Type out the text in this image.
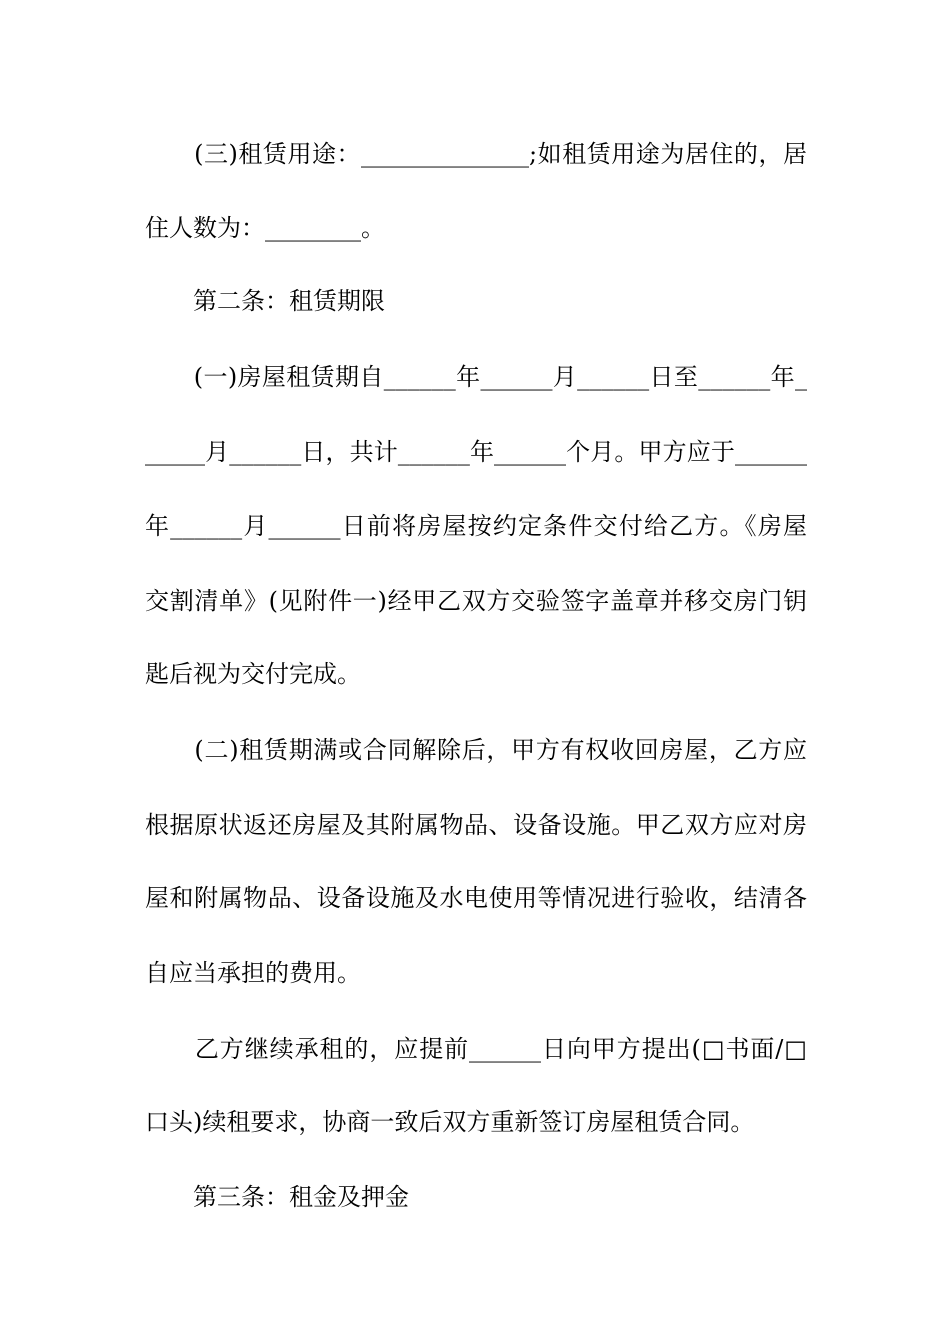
　　(三)租赁用途：______________;如租赁用途为居住的，居
住人数为：________。
　　第二条：租赁期限
　　(一)房屋租赁期自______年______月______日至______年_
_____月______日，共计______年______个月。甲方应于______
年______月______日前将房屋按约定条件交付给乙方。《房屋
交割清单》(见附件一)经甲乙双方交验签字盖章并移交房门钥
匙后视为交付完成。
　　(二)租赁期满或合同解除后，甲方有权收回房屋，乙方应
根据原状返还房屋及其附属物品、设备设施。甲乙双方应对房
屋和附属物品、设备设施及水电使用等情况进行验收，结清各
自应当承担的费用。
　　乙方继续承租的，应提前______日向甲方提出(□书面/□
口头)续租要求，协商一致后双方重新签订房屋租赁合同。
　　第三条：租金及押金
